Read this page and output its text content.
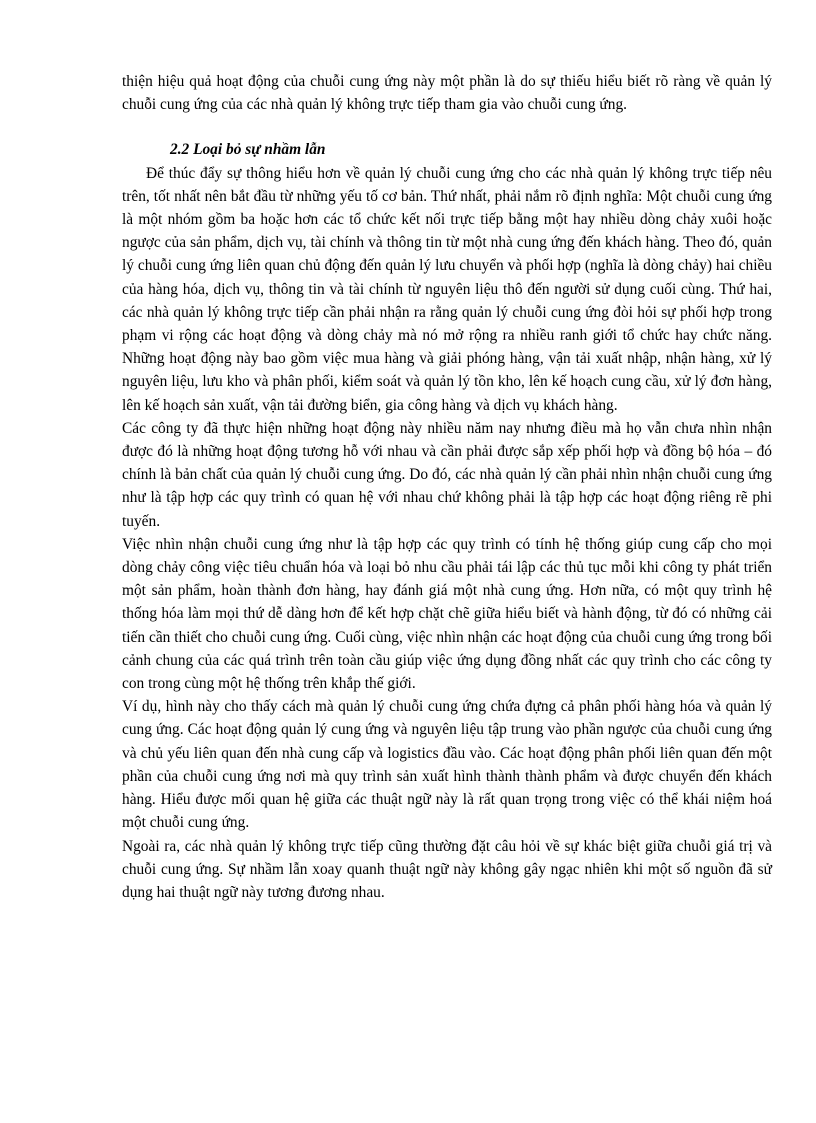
thiện hiệu quả hoạt động của chuỗi cung ứng này một phần là do sự thiếu hiểu biết rõ ràng về quản lý chuỗi cung ứng của các nhà quản lý không trực tiếp tham gia vào chuỗi cung ứng.

2.2 Loại bỏ sự nhầm lẫn

Để thúc đẩy sự thông hiểu hơn về quản lý chuỗi cung ứng cho các nhà quản lý không trực tiếp nêu trên, tốt nhất nên bắt đầu từ những yếu tố cơ bản. Thứ nhất, phải nắm rõ định nghĩa: Một chuỗi cung ứng là một nhóm gồm ba hoặc hơn các tổ chức kết nối trực tiếp bằng một hay nhiều dòng chảy xuôi hoặc ngược của sản phẩm, dịch vụ, tài chính và thông tin từ một nhà cung ứng đến khách hàng. Theo đó, quản lý chuỗi cung ứng liên quan chủ động đến quản lý lưu chuyển và phối hợp (nghĩa là dòng chảy) hai chiều của hàng hóa, dịch vụ, thông tin và tài chính từ nguyên liệu thô đến người sử dụng cuối cùng. Thứ hai, các nhà quản lý không trực tiếp cần phải nhận ra rằng quản lý chuỗi cung ứng đòi hỏi sự phối hợp trong phạm vi rộng các hoạt động và dòng chảy mà nó mở rộng ra nhiều ranh giới tổ chức hay chức năng. Những hoạt động này bao gồm việc mua hàng và giải phóng hàng, vận tải xuất nhập, nhận hàng, xử lý nguyên liệu, lưu kho và phân phối, kiểm soát và quản lý tồn kho, lên kế hoạch cung cầu, xử lý đơn hàng, lên kế hoạch sản xuất, vận tải đường biển, gia công hàng và dịch vụ khách hàng.

Các công ty đã thực hiện những hoạt động này nhiều năm nay nhưng điều mà họ vẫn chưa nhìn nhận được đó là những hoạt động tương hỗ với nhau và cần phải được sắp xếp phối hợp và đồng bộ hóa – đó chính là bản chất của quản lý chuỗi cung ứng. Do đó, các nhà quản lý cần phải nhìn nhận chuỗi cung ứng như là tập hợp các quy trình có quan hệ với nhau chứ không phải là tập hợp các hoạt động riêng rẽ phi tuyến.

Việc nhìn nhận chuỗi cung ứng như là tập hợp các quy trình có tính hệ thống giúp cung cấp cho mọi dòng chảy công việc tiêu chuẩn hóa và loại bỏ nhu cầu phải tái lập các thủ tục mỗi khi công ty phát triển một sản phẩm, hoàn thành đơn hàng, hay đánh giá một nhà cung ứng. Hơn nữa, có một quy trình hệ thống hóa làm mọi thứ dễ dàng hơn để kết hợp chặt chẽ giữa hiểu biết và hành động, từ đó có những cải tiến cần thiết cho chuỗi cung ứng. Cuối cùng, việc nhìn nhận các hoạt động của chuỗi cung ứng trong bối cảnh chung của các quá trình trên toàn cầu giúp việc ứng dụng đồng nhất các quy trình cho các công ty con trong cùng một hệ thống trên khắp thế giới.

Ví dụ, hình này cho thấy cách mà quản lý chuỗi cung ứng chứa đựng cả phân phối hàng hóa và quản lý cung ứng. Các hoạt động quản lý cung ứng và nguyên liệu tập trung vào phần ngược của chuỗi cung ứng và chủ yếu liên quan đến nhà cung cấp và logistics đầu vào. Các hoạt động phân phối liên quan đến một phần của chuỗi cung ứng nơi mà quy trình sản xuất hình thành thành phẩm và được chuyển đến khách hàng. Hiểu được mối quan hệ giữa các thuật ngữ này là rất quan trọng trong việc có thể khái niệm hoá một chuỗi cung ứng.

Ngoài ra, các nhà quản lý không trực tiếp cũng thường đặt câu hỏi về sự khác biệt giữa chuỗi giá trị và chuỗi cung ứng. Sự nhầm lẫn xoay quanh thuật ngữ này không gây ngạc nhiên khi một số nguồn đã sử dụng hai thuật ngữ này tương đương nhau.
